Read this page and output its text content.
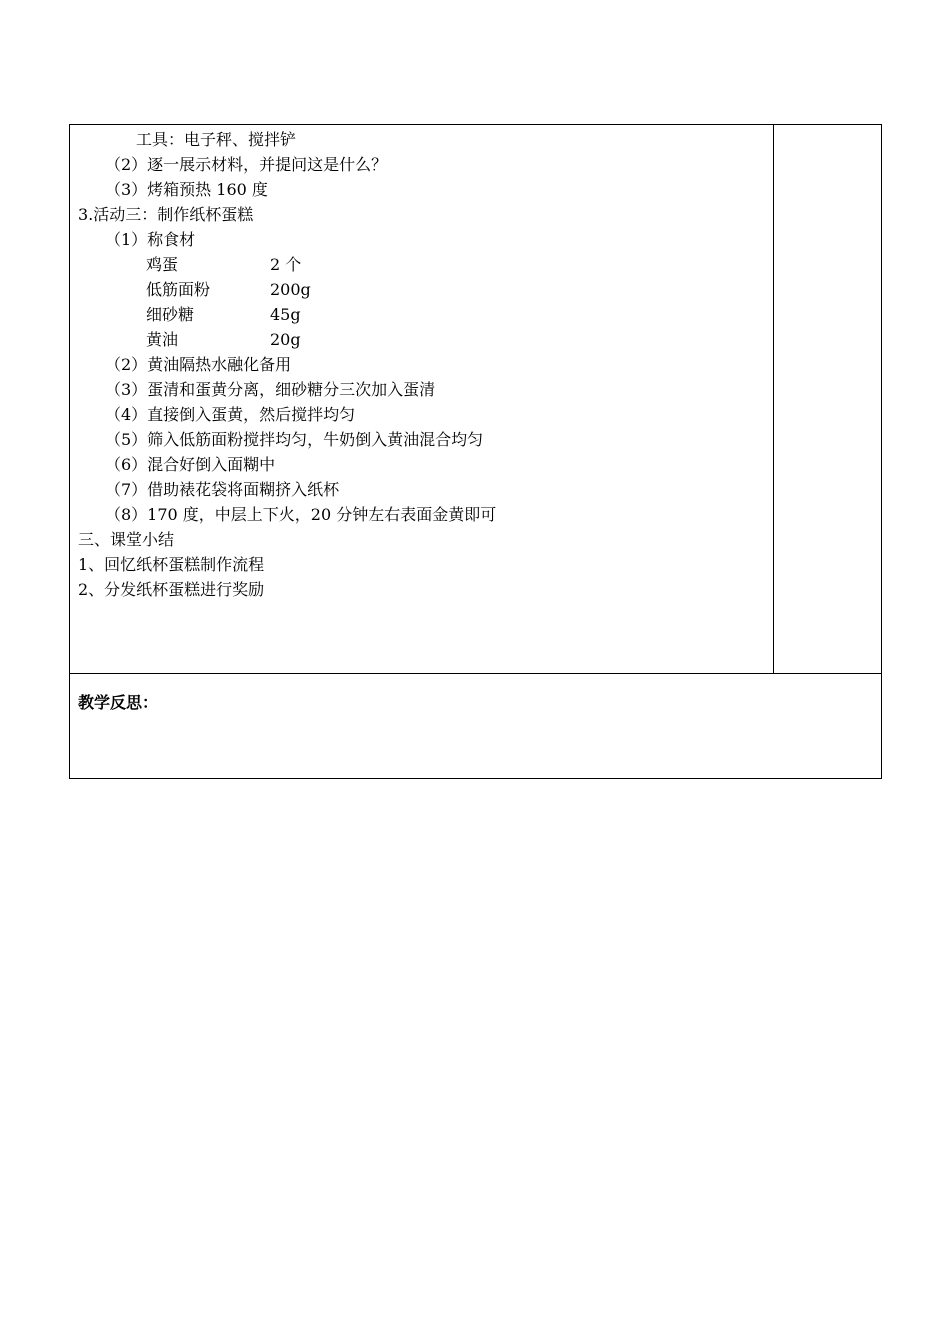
工具：电子秤、搅拌铲
（2）逐一展示材料，并提问这是什么？
（3）烤箱预热 160 度
3.活动三：制作纸杯蛋糕
（1）称食材
鸡蛋	2 个
低筋面粉	200g
细砂糖	45g
黄油	20g
（2）黄油隔热水融化备用
（3）蛋清和蛋黄分离，细砂糖分三次加入蛋清
（4）直接倒入蛋黄，然后搅拌均匀
（5）筛入低筋面粉搅拌均匀，牛奶倒入黄油混合均匀
（6）混合好倒入面糊中
（7）借助裱花袋将面糊挤入纸杯
（8）170 度，中层上下火，20 分钟左右表面金黄即可
三、课堂小结
1、回忆纸杯蛋糕制作流程
2、分发纸杯蛋糕进行奖励
教学反思：
